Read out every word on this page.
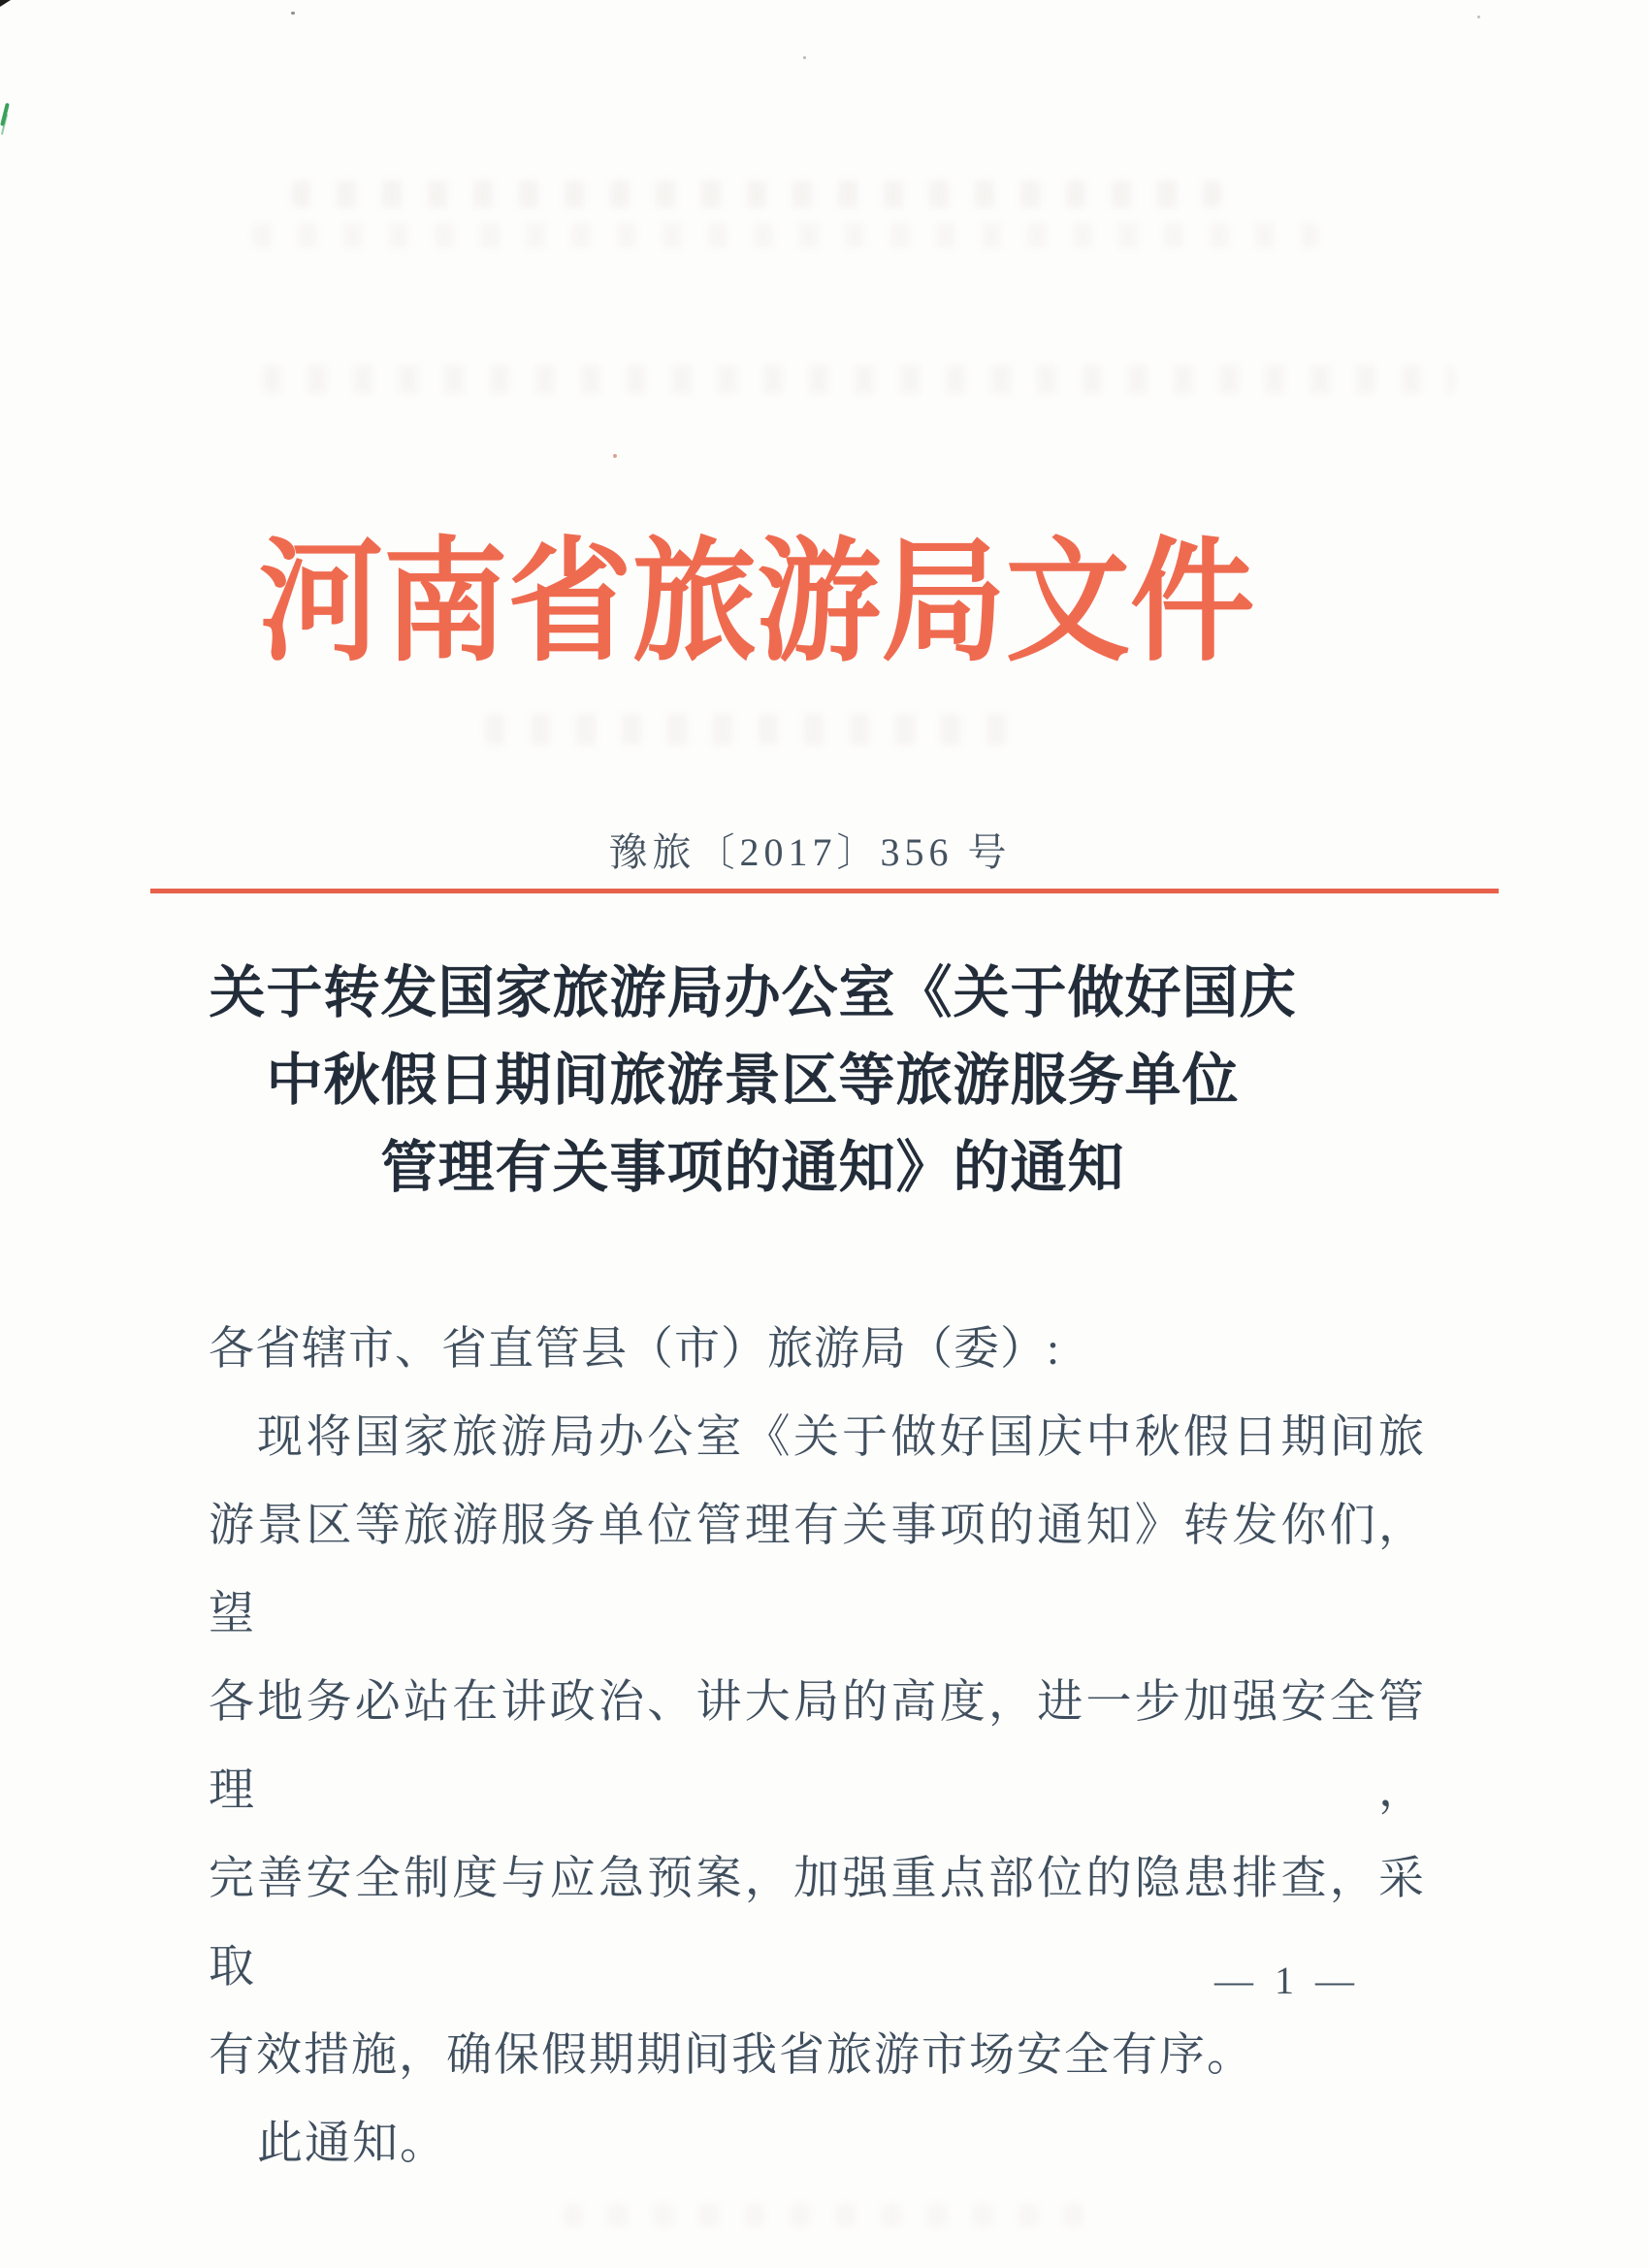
河南省旅游局文件
豫旅〔2017〕356 号
关于转发国家旅游局办公室《关于做好国庆
中秋假日期间旅游景区等旅游服务单位
管理有关事项的通知》的通知
各省辖市、省直管县（市）旅游局（委）:
现将国家旅游局办公室《关于做好国庆中秋假日期间旅
游景区等旅游服务单位管理有关事项的通知》转发你们，望
各地务必站在讲政治、讲大局的高度，进一步加强安全管理，
完善安全制度与应急预案，加强重点部位的隐患排查，采取
有效措施，确保假期期间我省旅游市场安全有序。
此通知。
— 1 —
